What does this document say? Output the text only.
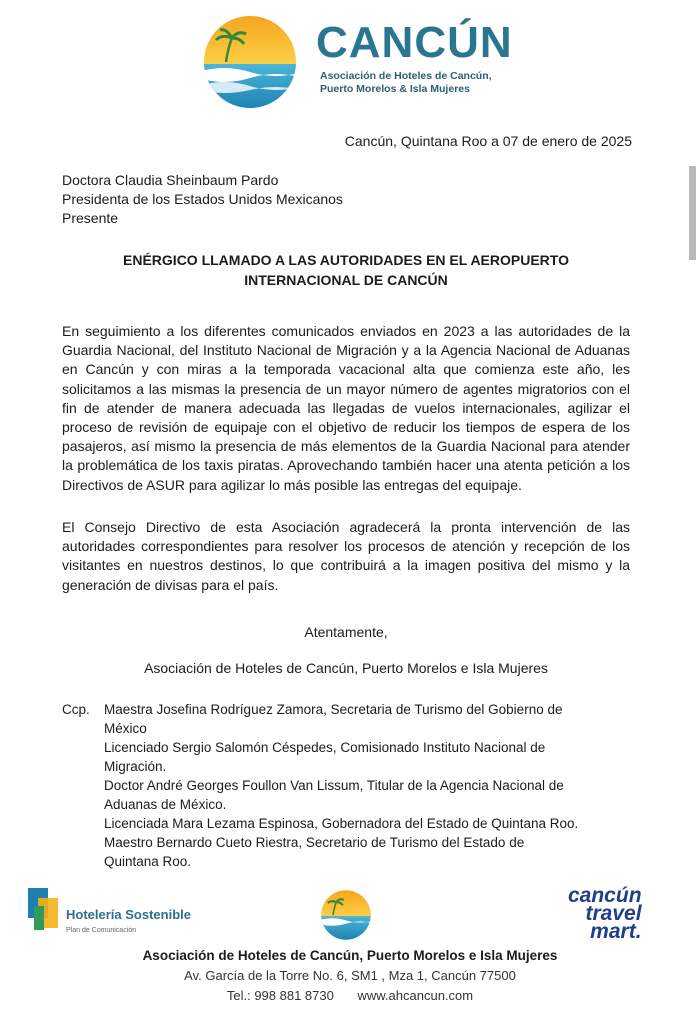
CANCÚN
Asociación de Hoteles de Cancún,
Puerto Morelos & Isla Mujeres
Cancún, Quintana Roo a 07 de enero de 2025
Doctora Claudia Sheinbaum Pardo
Presidenta de los Estados Unidos Mexicanos
Presente
ENÉRGICO LLAMADO A LAS AUTORIDADES EN EL AEROPUERTO
INTERNACIONAL DE CANCÚN
En seguimiento a los diferentes comunicados enviados en 2023 a las autoridades de la Guardia Nacional, del Instituto Nacional de Migración y a la Agencia Nacional de Aduanas en Cancún y con miras a la temporada vacacional alta que comienza este año, les solicitamos a las mismas la presencia de un mayor número de agentes migratorios con el fin de atender de manera adecuada las llegadas de vuelos internacionales, agilizar el proceso de revisión de equipaje con el objetivo de reducir los tiempos de espera de los pasajeros, así mismo la presencia de más elementos de la Guardia Nacional para atender la problemática de los taxis piratas. Aprovechando también hacer una atenta petición a los Directivos de ASUR para agilizar lo más posible las entregas del equipaje.
El Consejo Directivo de esta Asociación agradecerá la pronta intervención de las autoridades correspondientes para resolver los procesos de atención y recepción de los visitantes en nuestros destinos, lo que contribuirá a la imagen positiva del mismo y la generación de divisas para el país.
Atentamente,
Asociación de Hoteles de Cancún, Puerto Morelos e Isla Mujeres
Ccp. Maestra Josefina Rodríguez Zamora, Secretaria de Turismo del Gobierno de
México
Licenciado Sergio Salomón Céspedes, Comisionado Instituto Nacional de
Migración.
Doctor André Georges Foullon Van Lissum, Titular de la Agencia Nacional de
Aduanas de México.
Licenciada Mara Lezama Espinosa, Gobernadora del Estado de Quintana Roo.
Maestro Bernardo Cueto Riestra, Secretario de Turismo del Estado de
Quintana Roo.
Hotelería Sostenible
Plan de Comunicación
cancún
travel
mart.
Asociación de Hoteles de Cancún, Puerto Morelos e Isla Mujeres
Av. García de la Torre No. 6, SM1 , Mza 1, Cancún 77500
Tel.: 998 881 8730 www.ahcancun.com
